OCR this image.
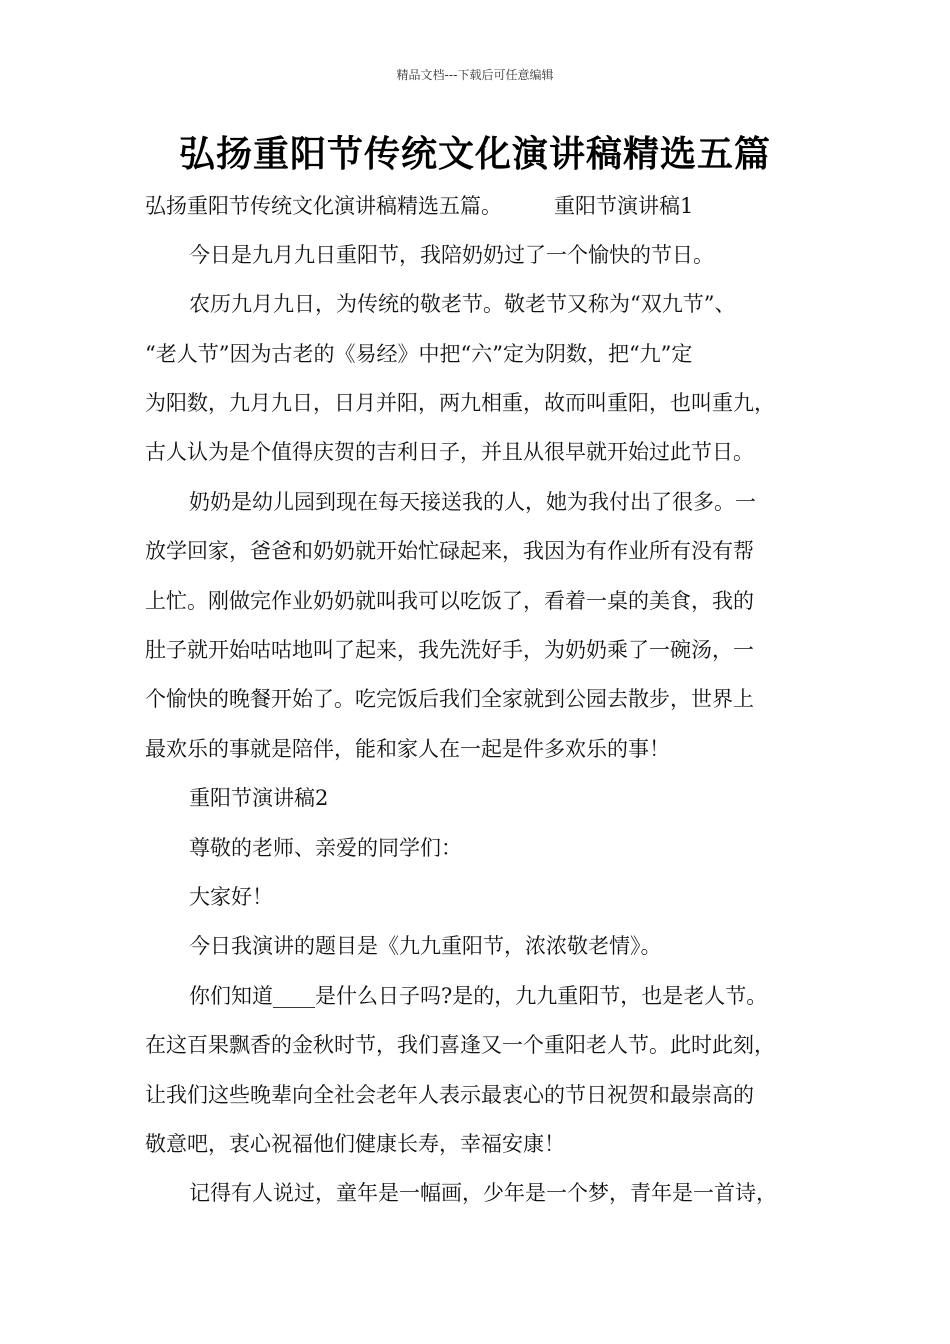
精品文档---下载后可任意编辑
弘扬重阳节传统文化演讲稿精选五篇
弘扬重阳节传统文化演讲稿精选五篇。 重阳节演讲稿1
今日是九月九日重阳节，我陪奶奶过了一个愉快的节日。
农历九月九日，为传统的敬老节。敬老节又称为“双九节”、
“老人节”因为古老的《易经》中把“六”定为阴数，把“九”定
为阳数，九月九日，日月并阳，两九相重，故而叫重阳，也叫重九，
古人认为是个值得庆贺的吉利日子，并且从很早就开始过此节日。
奶奶是幼儿园到现在每天接送我的人，她为我付出了很多。一
放学回家，爸爸和奶奶就开始忙碌起来，我因为有作业所有没有帮
上忙。刚做完作业奶奶就叫我可以吃饭了，看着一桌的美食，我的
肚子就开始咕咕地叫了起来，我先洗好手，为奶奶乘了一碗汤，一
个愉快的晚餐开始了。吃完饭后我们全家就到公园去散步，世界上
最欢乐的事就是陪伴，能和家人在一起是件多欢乐的事！
重阳节演讲稿2
尊敬的老师、亲爱的同学们：
大家好！
今日我演讲的题目是《九九重阳节，浓浓敬老情》。
你们知道____是什么日子吗?是的，九九重阳节，也是老人节。
在这百果飘香的金秋时节，我们喜逢又一个重阳老人节。此时此刻，
让我们这些晚辈向全社会老年人表示最衷心的节日祝贺和最崇高的
敬意吧，衷心祝福他们健康长寿，幸福安康！
记得有人说过，童年是一幅画，少年是一个梦，青年是一首诗，
